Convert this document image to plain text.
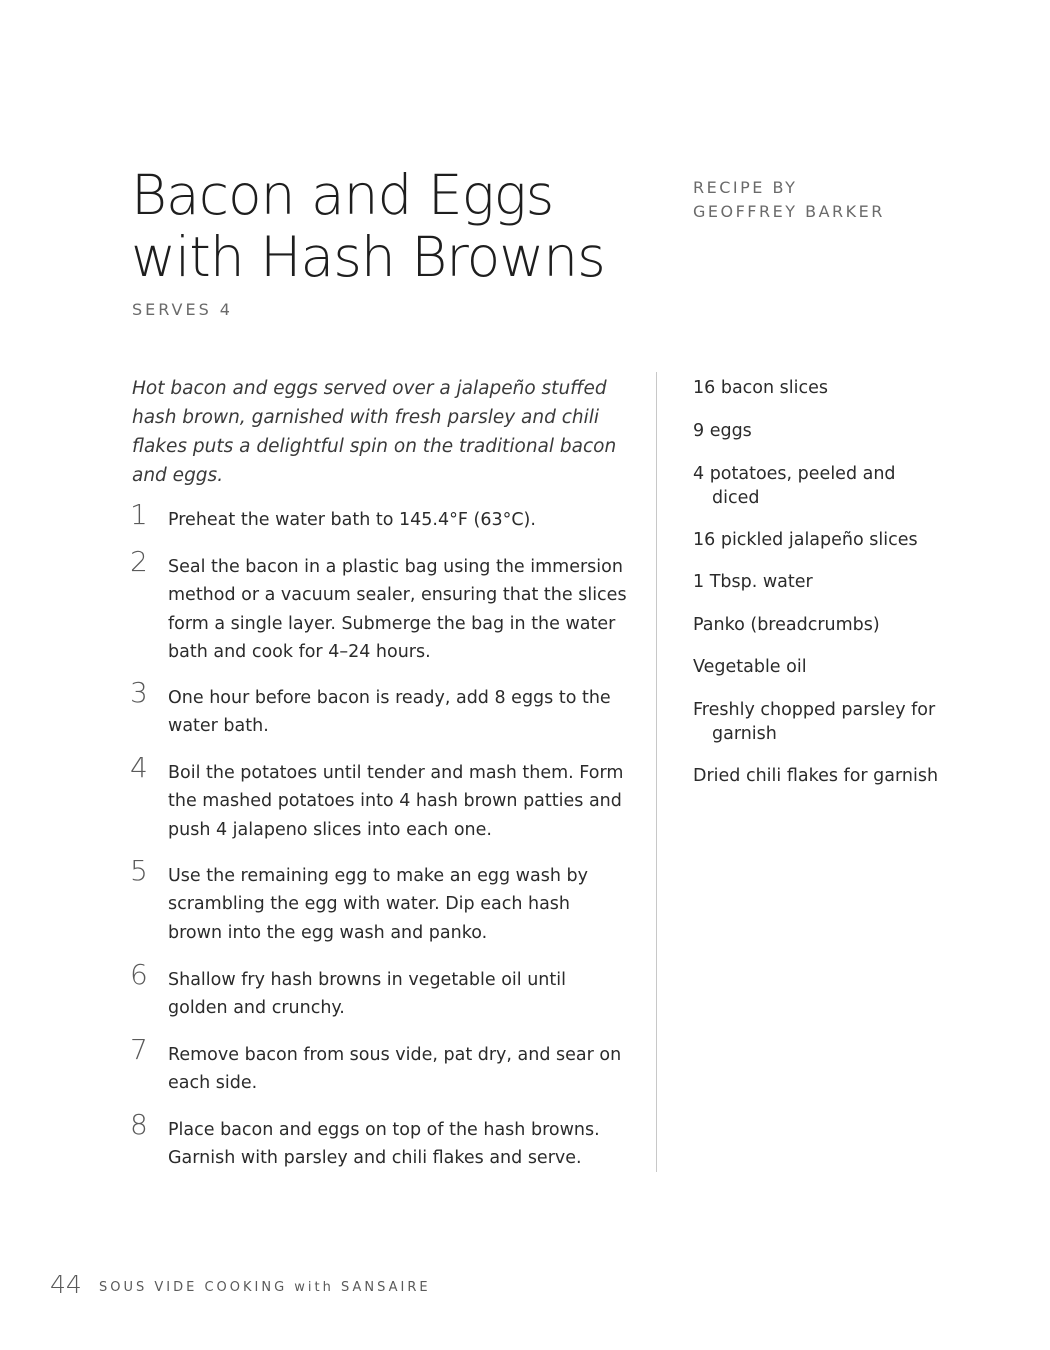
Bacon and Eggs
with Hash Browns
SERVES 4
RECIPE BY
GEOFFREY BARKER
Hot bacon and eggs served over a jalapeño stuffed hash brown, garnished with fresh parsley and chili flakes puts a delightful spin on the traditional bacon and eggs.
1	Preheat the water bath to 145.4°F (63°C).
2	Seal the bacon in a plastic bag using the immersion method or a vacuum sealer, ensuring that the slices form a single layer. Submerge the bag in the water bath and cook for 4–24 hours.
3	One hour before bacon is ready, add 8 eggs to the water bath.
4	Boil the potatoes until tender and mash them. Form the mashed potatoes into 4 hash brown patties and push 4 jalapeno slices into each one.
5	Use the remaining egg to make an egg wash by scrambling the egg with water. Dip each hash brown into the egg wash and panko.
6	Shallow fry hash browns in vegetable oil until golden and crunchy.
7	Remove bacon from sous vide, pat dry, and sear on each side.
8	Place bacon and eggs on top of the hash browns. Garnish with parsley and chili flakes and serve.
16 bacon slices
9 eggs
4 potatoes, peeled and diced
16 pickled jalapeño slices
1 Tbsp. water
Panko (breadcrumbs)
Vegetable oil
Freshly chopped parsley for garnish
Dried chili flakes for garnish
44 SOUS VIDE COOKING with SANSAIRE
